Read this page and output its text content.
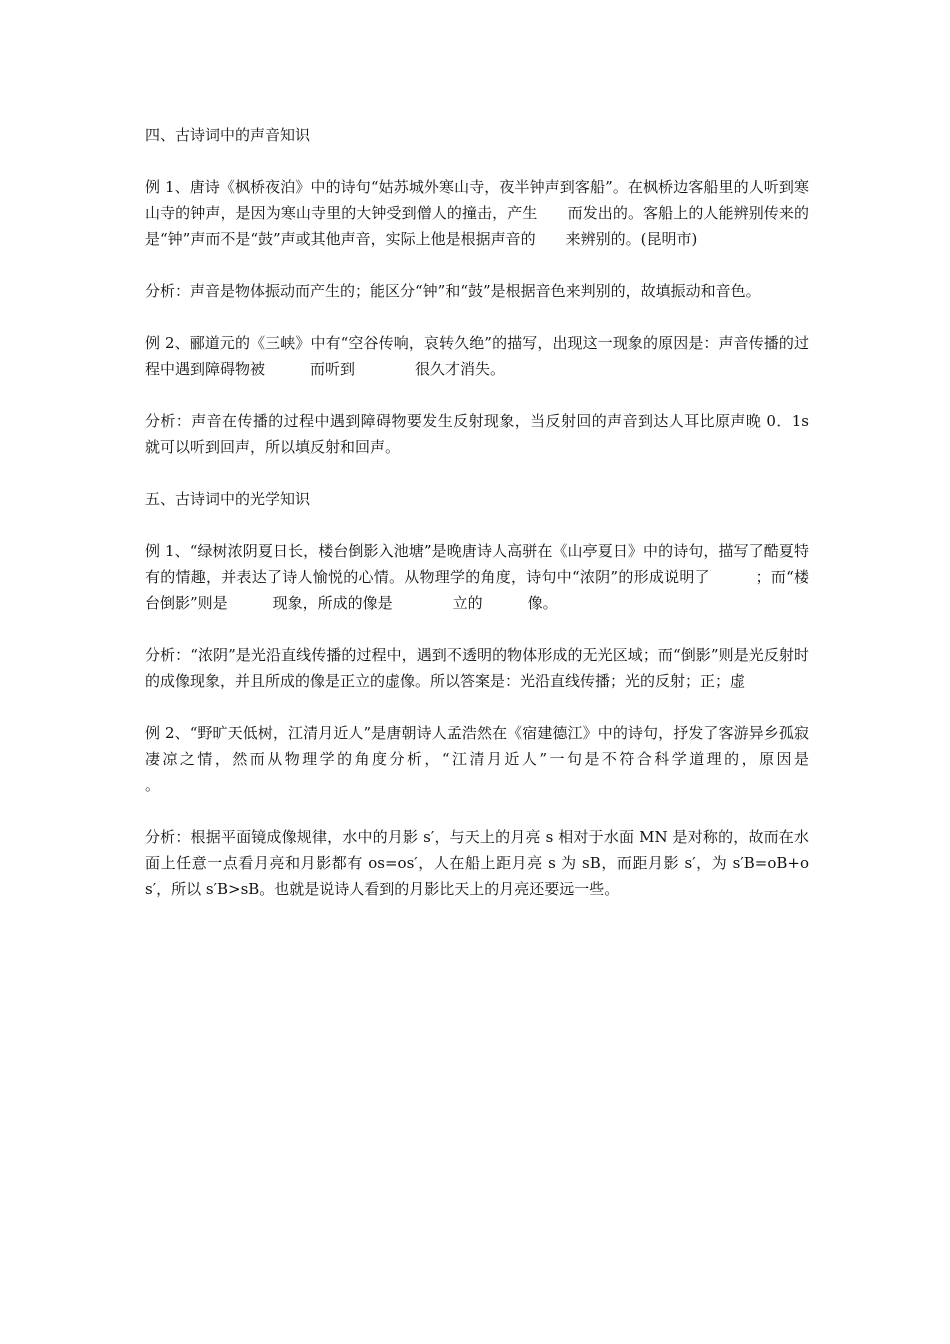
四、古诗词中的声音知识

例 1、唐诗《枫桥夜泊》中的诗句“姑苏城外寒山寺，夜半钟声到客船”。在枫桥边客船里的人听到寒山寺的钟声，是因为寒山寺里的大钟受到僧人的撞击，产生　　而发出的。客船上的人能辨别传来的是“钟”声而不是“鼓”声或其他声音，实际上他是根据声音的　　来辨别的。(昆明市)

分析：声音是物体振动而产生的；能区分“钟”和“鼓”是根据音色来判别的，故填振动和音色。

例 2、郦道元的《三峡》中有“空谷传响，哀转久绝”的描写，出现这一现象的原因是：声音传播的过程中遇到障碍物被　　　而听到　　　　很久才消失。

分析：声音在传播的过程中遇到障碍物要发生反射现象，当反射回的声音到达人耳比原声晚 0．1s 就可以听到回声，所以填反射和回声。

五、古诗词中的光学知识

例 1、“绿树浓阴夏日长，楼台倒影入池塘”是晚唐诗人高骈在《山亭夏日》中的诗句，描写了酷夏特有的情趣，并表达了诗人愉悦的心情。从物理学的角度，诗句中“浓阴”的形成说明了　　　；而“楼台倒影”则是　　　现象，所成的像是　　　　立的　　　像。

分析：“浓阴”是光沿直线传播的过程中，遇到不透明的物体形成的无光区域；而“倒影”则是光反射时的成像现象，并且所成的像是正立的虚像。所以答案是：光沿直线传播；光的反射；正；虚

例 2、“野旷天低树，江清月近人”是唐朝诗人孟浩然在《宿建德江》中的诗句，抒发了客游异乡孤寂凄凉之情，然而从物理学的角度分析，“江清月近人”一句是不符合科学道理的，原因是　　　　　　　。

分析：根据平面镜成像规律，水中的月影 s′，与天上的月亮 s 相对于水面 MN 是对称的，故而在水面上任意一点看月亮和月影都有 os=os′，人在船上距月亮 s 为 sB，而距月影 s′，为 s′B=oB+os′，所以 s′B>sB。也就是说诗人看到的月影比天上的月亮还要远一些。
